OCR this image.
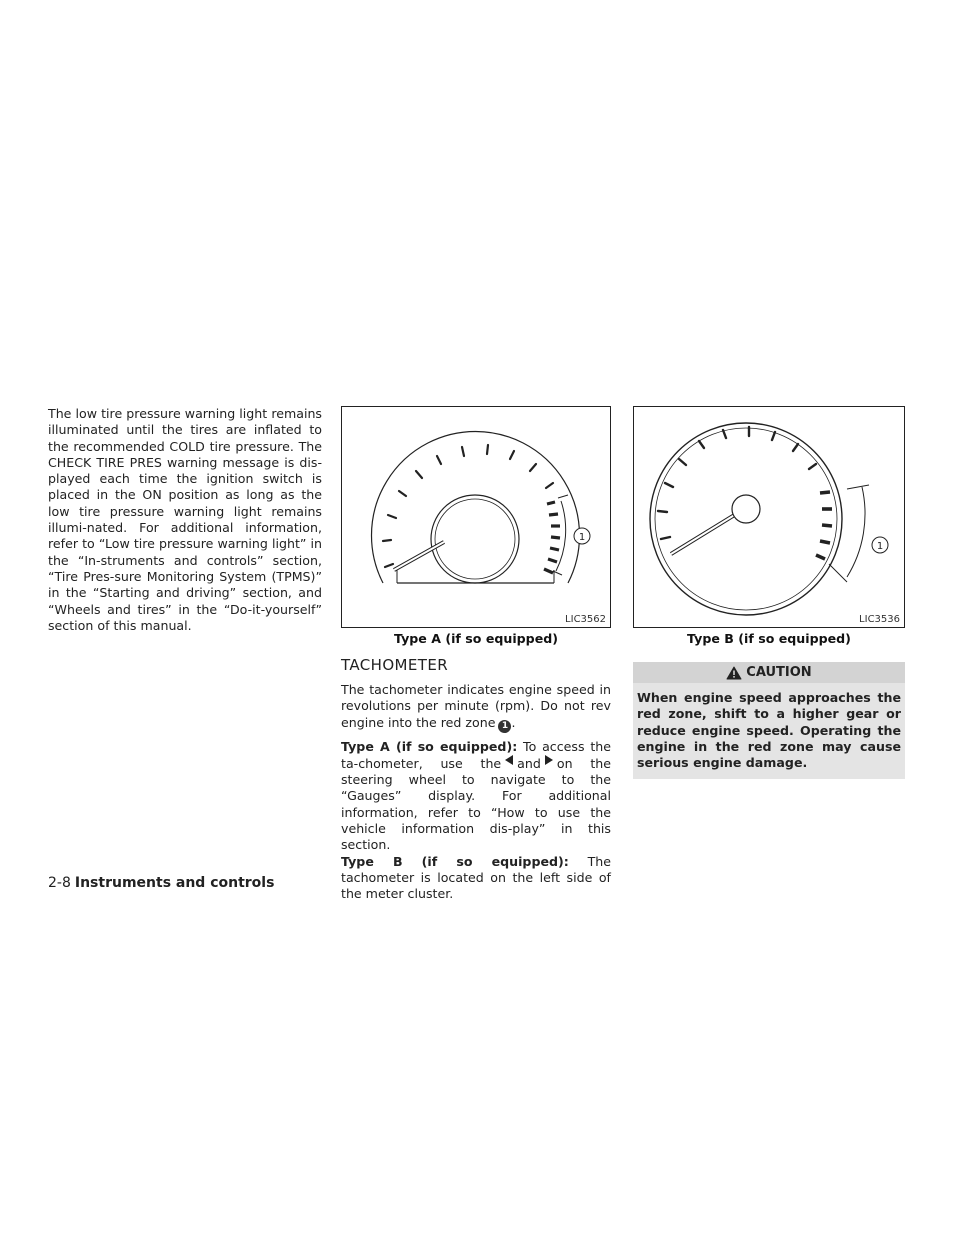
The low tire pressure warning light remains illuminated until the tires are inflated to the recommended COLD tire pressure. The CHECK TIRE PRES warning message is dis-played each time the ignition switch is placed in the ON position as long as the low tire pressure warning light remains illumi-nated. For additional information, refer to “Low tire pressure warning light” in the “In-struments and controls” section, “Tire Pres-sure Monitoring System (TPMS)” in the “Starting and driving” section, and “Wheels and tires” in the “Do-it-yourself” section of this manual.

1
LIC3562
Type A (if so equipped)
TACHOMETER

The tachometer indicates engine speed in revolutions per minute (rpm). Do not rev engine into the red zone 1 .

Type A (if so equipped): To access the ta-chometer, use the and on the steering wheel to navigate to the “Gauges” display. For additional information, refer to “How to use the vehicle information dis-play” in this section.

Type B (if so equipped): The tachometer is located on the left side of the meter cluster.

1
LIC3536
Type B (if so equipped)
CAUTION
When engine speed approaches the red zone, shift to a higher gear or reduce engine speed. Operating the engine in the red zone may cause serious engine damage.
2-8 Instruments and controls
